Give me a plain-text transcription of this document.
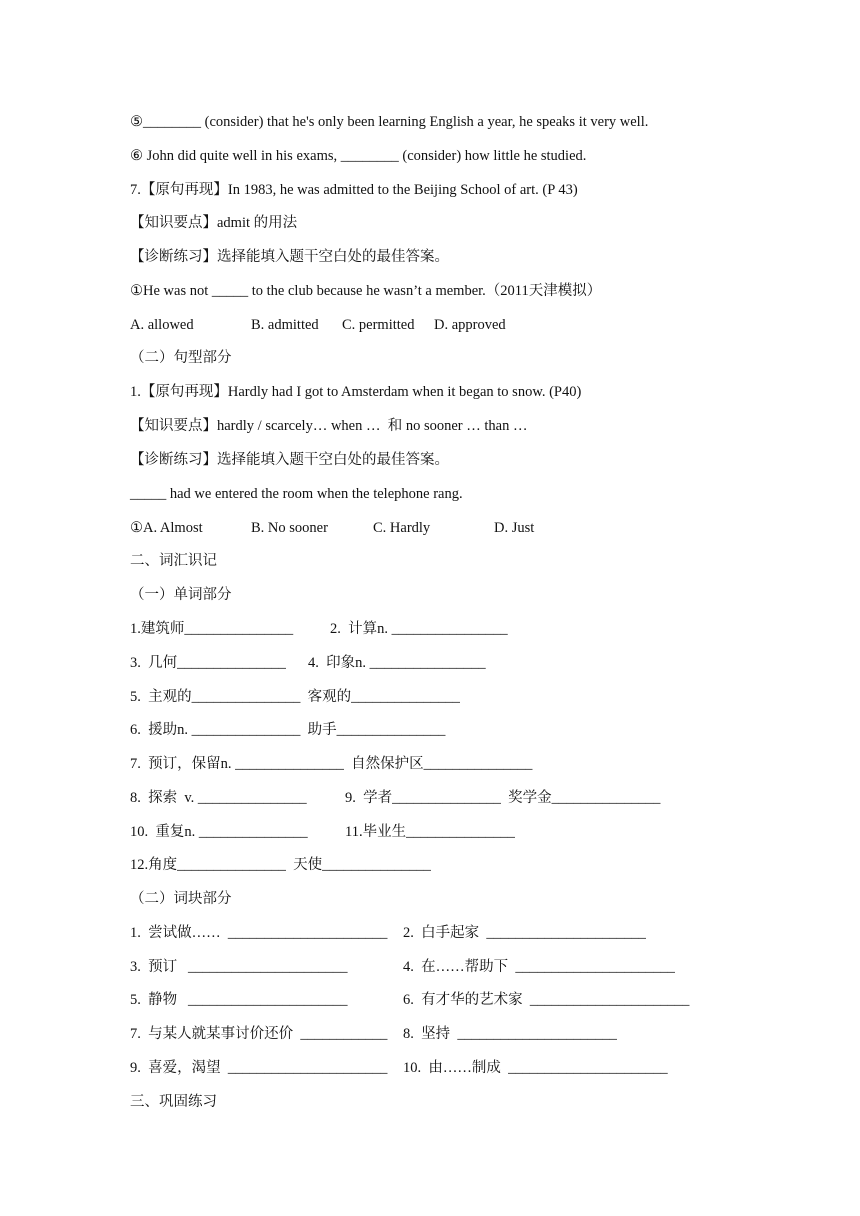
⑤________ (consider) that he's only been learning English a year, he speaks it very well.
⑥ John did quite well in his exams, ________ (consider) how little he studied.
7.【原句再现】In 1983, he was admitted to the Beijing School of art. (P 43)
【知识要点】admit 的用法
【诊断练习】选择能填入题干空白处的最佳答案。
①He was not _____ to the club because he wasn’t a member.（2011天津模拟）
A. allowed	B. admitted C. permitted D. approved
（二）句型部分
1.【原句再现】Hardly had I got to Amsterdam when it began to snow. (P40)
【知识要点】hardly / scarcely… when …  和 no sooner … than …
【诊断练习】选择能填入题干空白处的最佳答案。
_____ had we entered the room when the telephone rang.
①A. Almost	B. No sooner	C. Hardly	D. Just
二、词汇识记
（一）单词部分
1.建筑师_______________	2.  计算n. ________________
3.  几何_______________ 4.  印象n. ________________
5.  主观的_______________  客观的_______________
6.  援助n. _______________  助手_______________
7.  预订，保留n. _______________  自然保护区_______________
8.  探索  v. _______________	9.  学者_______________  奖学金_______________
10.  重复n. _______________	11.毕业生_______________
12.角度_______________  天使_______________
（二）词块部分
1.  尝试做……  ______________________ 2.  白手起家  ______________________
3.  预订   ______________________	4.  在……帮助下  ______________________
5.  静物   ______________________	6.  有才华的艺术家  ______________________
7.  与某人就某事讨价还价  ____________ 8.  坚持  ______________________
9.  喜爱，渴望  ______________________ 10.  由……制成  ______________________
三、巩固练习
